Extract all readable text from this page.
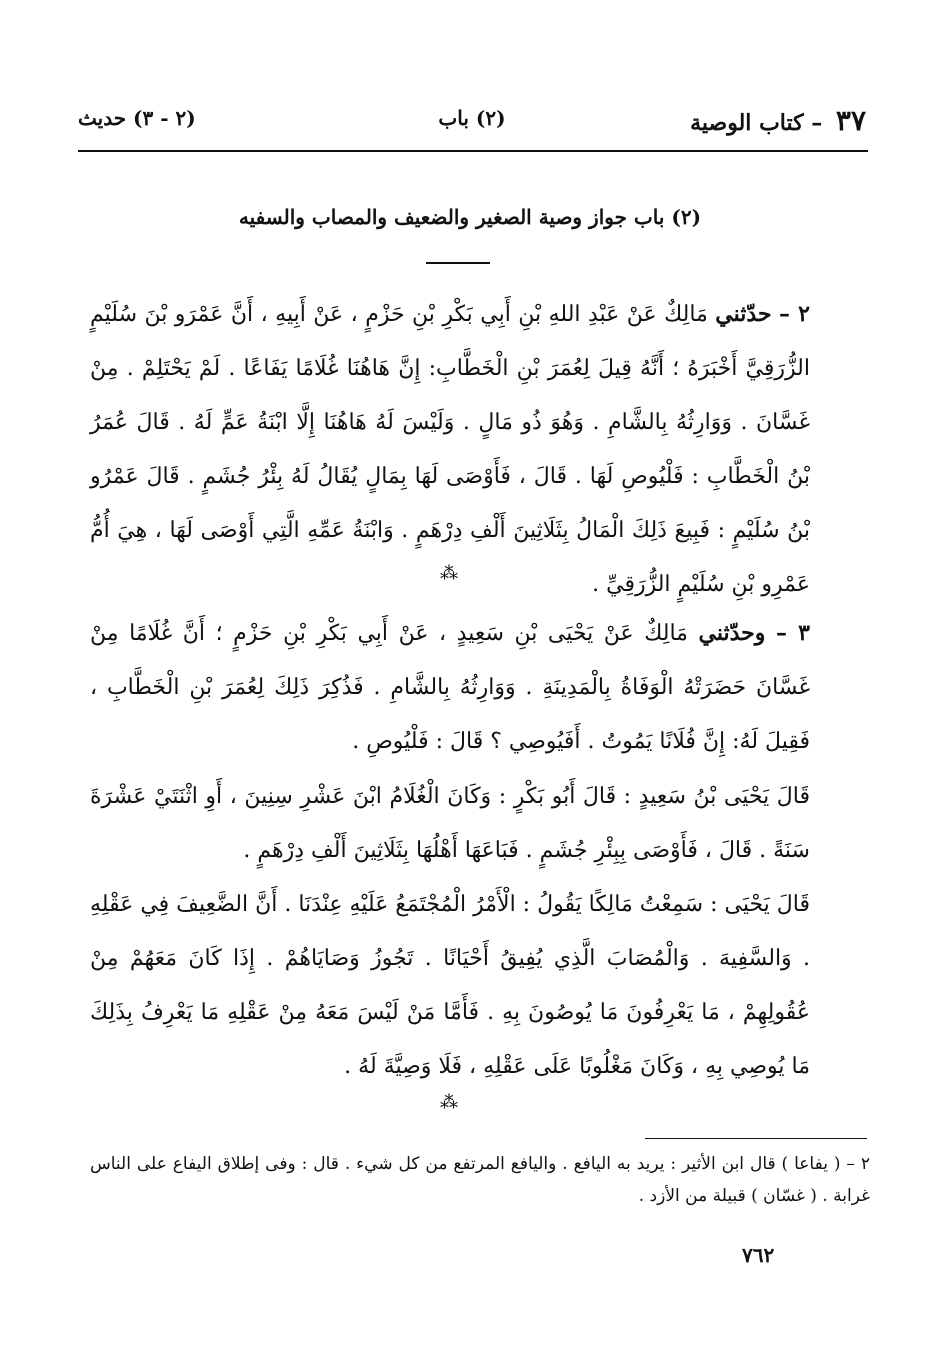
٣٧ – كتاب الوصية
(٢) باب
(٢ - ٣) حديث
(٢) باب جواز وصية الصغير والضعيف والمصاب والسفيه
٢ – حدّثني مَالِكٌ عَنْ عَبْدِ اللهِ بْنِ أَبِي بَكْرِ بْنِ حَزْمٍ ، عَنْ أَبِيهِ ، أَنَّ عَمْرَو بْنَ سُلَيْمٍ الزُّرَقِيَّ أَخْبَرَهُ ؛ أَنَّهُ قِيلَ لِعُمَرَ بْنِ الْخَطَّابِ: إِنَّ هَاهُنَا غُلَامًا يَفَاعًا . لَمْ يَحْتَلِمْ . مِنْ غَسَّانَ . وَوَارِثُهُ بِالشَّامِ . وَهُوَ ذُو مَالٍ . وَلَيْسَ لَهُ هَاهُنَا إِلَّا ابْنَةُ عَمٍّ لَهُ . قَالَ عُمَرُ بْنُ الْخَطَّابِ : فَلْيُوصِ لَهَا . قَالَ ، فَأَوْصَى لَهَا بِمَالٍ يُقَالُ لَهُ بِئْرُ جُشَمٍ . قَالَ عَمْرُو بْنُ سُلَيْمٍ : فَبِيعَ ذَلِكَ الْمَالُ بِثَلَاثِينَ أَلْفِ دِرْهَمٍ . وَابْنَةُ عَمِّهِ الَّتِي أَوْصَى لَهَا ، هِيَ أُمُّ عَمْرِو بْنِ سُلَيْمٍ الزُّرَقِيِّ .
⁂
٣ – وحدّثني مَالِكٌ عَنْ يَحْيَى بْنِ سَعِيدٍ ، عَنْ أَبِي بَكْرِ بْنِ حَزْمٍ ؛ أَنَّ غُلَامًا مِنْ غَسَّانَ حَضَرَتْهُ الْوَفَاةُ بِالْمَدِينَةِ . وَوَارِثُهُ بِالشَّامِ . فَذُكِرَ ذَلِكَ لِعُمَرَ بْنِ الْخَطَّابِ ، فَقِيلَ لَهُ: إِنَّ فُلَانًا يَمُوتُ . أَفَيُوصِي ؟ قَالَ : فَلْيُوصِ .
قَالَ يَحْيَى بْنُ سَعِيدٍ : قَالَ أَبُو بَكْرٍ : وَكَانَ الْغُلَامُ ابْنَ عَشْرِ سِنِينَ ، أَوِ اثْنَتَيْ عَشْرَةَ سَنَةً . قَالَ ، فَأَوْصَى بِبِئْرِ جُشَمٍ . فَبَاعَهَا أَهْلُهَا بِثَلَاثِينَ أَلْفِ دِرْهَمٍ .
قَالَ يَحْيَى : سَمِعْتُ مَالِكًا يَقُولُ : الْأَمْرُ الْمُجْتَمَعُ عَلَيْهِ عِنْدَنَا . أَنَّ الضَّعِيفَ فِي عَقْلِهِ . وَالسَّفِيهَ . وَالْمُصَابَ الَّذِي يُفِيقُ أَحْيَانًا . تَجُوزُ وَصَايَاهُمْ . إِذَا كَانَ مَعَهُمْ مِنْ عُقُولِهِمْ ، مَا يَعْرِفُونَ مَا يُوصُونَ بِهِ . فَأَمَّا مَنْ لَيْسَ مَعَهُ مِنْ عَقْلِهِ مَا يَعْرِفُ بِذَلِكَ مَا يُوصِي بِهِ ، وَكَانَ مَغْلُوبًا عَلَى عَقْلِهِ ، فَلَا وَصِيَّةَ لَهُ .
⁂
٢ – ( يفاعا ) قال ابن الأثير : يريد به اليافع . واليافع المرتفع من كل شيء . قال : وفى إطلاق اليفاع على الناس غرابة . ( غسّان ) قبيلة من الأزد .
٧٦٢
